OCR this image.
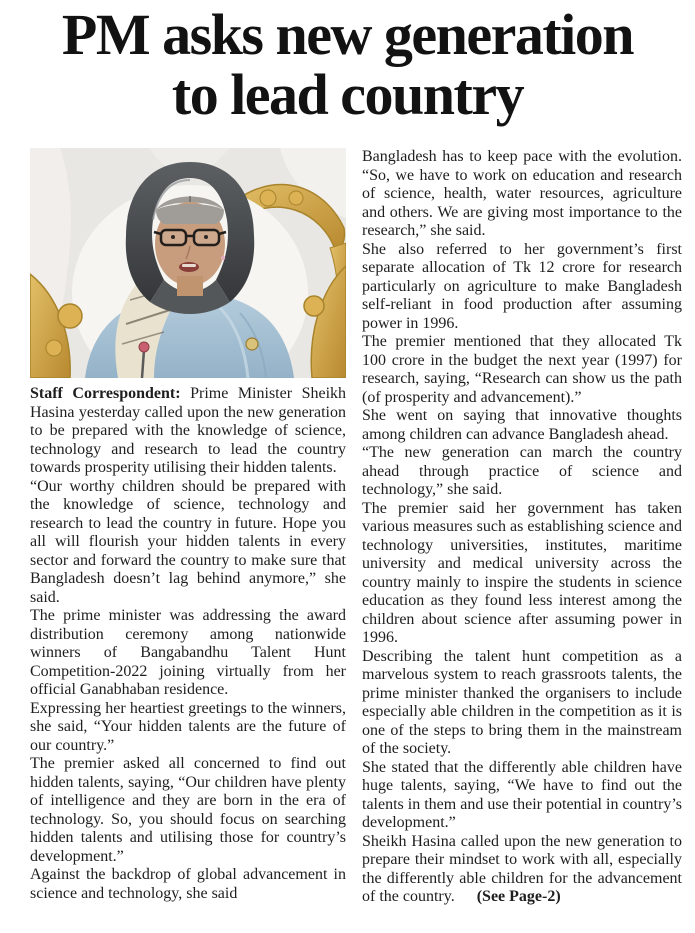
PM asks new generation
to lead country

Staff Correspondent: Prime Minister Sheikh Hasina yesterday called upon the new generation to be prepared with the knowledge of science, technology and research to lead the country towards prosperity utilising their hidden talents.

“Our worthy children should be prepared with the knowledge of science, technology and research to lead the country in future. Hope you all will flourish your hidden talents in every sector and forward the country to make sure that Bangladesh doesn’t lag behind anymore,” she said.

The prime minister was addressing the award distribution ceremony among nationwide winners of Bangabandhu Talent Hunt Competition-2022 joining virtually from her official Ganabhaban residence.

Expressing her heartiest greetings to the winners, she said, “Your hidden talents are the future of our country.”

The premier asked all concerned to find out hidden talents, saying, “Our children have plenty of intelligence and they are born in the era of technology. So, you should focus on searching hidden talents and utilising those for country’s development.”

Against the backdrop of global advancement in science and technology, she said

Bangladesh has to keep pace with the evolution. “So, we have to work on education and research of science, health, water resources, agriculture and others. We are giving most importance to the research,” she said.

She also referred to her government’s first separate allocation of Tk 12 crore for research particularly on agriculture to make Bangladesh self-reliant in food production after assuming power in 1996.

The premier mentioned that they allocated Tk 100 crore in the budget the next year (1997) for research, saying, “Research can show us the path (of prosperity and advancement).”

She went on saying that innovative thoughts among children can advance Bangladesh ahead.

“The new generation can march the country ahead through practice of science and technology,” she said.

The premier said her government has taken various measures such as establishing science and technology universities, institutes, maritime university and medical university across the country mainly to inspire the students in science education as they found less interest among the children about science after assuming power in 1996.

Describing the talent hunt competition as a marvelous system to reach grassroots talents, the prime minister thanked the organisers to include especially able children in the competition as it is one of the steps to bring them in the mainstream of the society.

She stated that the differently able children have huge talents, saying, “We have to find out the talents in them and use their potential in country’s development.”

Sheikh Hasina called upon the new generation to prepare their mindset to work with all, especially the differently able children for the advancement of the country. (See Page-2)
